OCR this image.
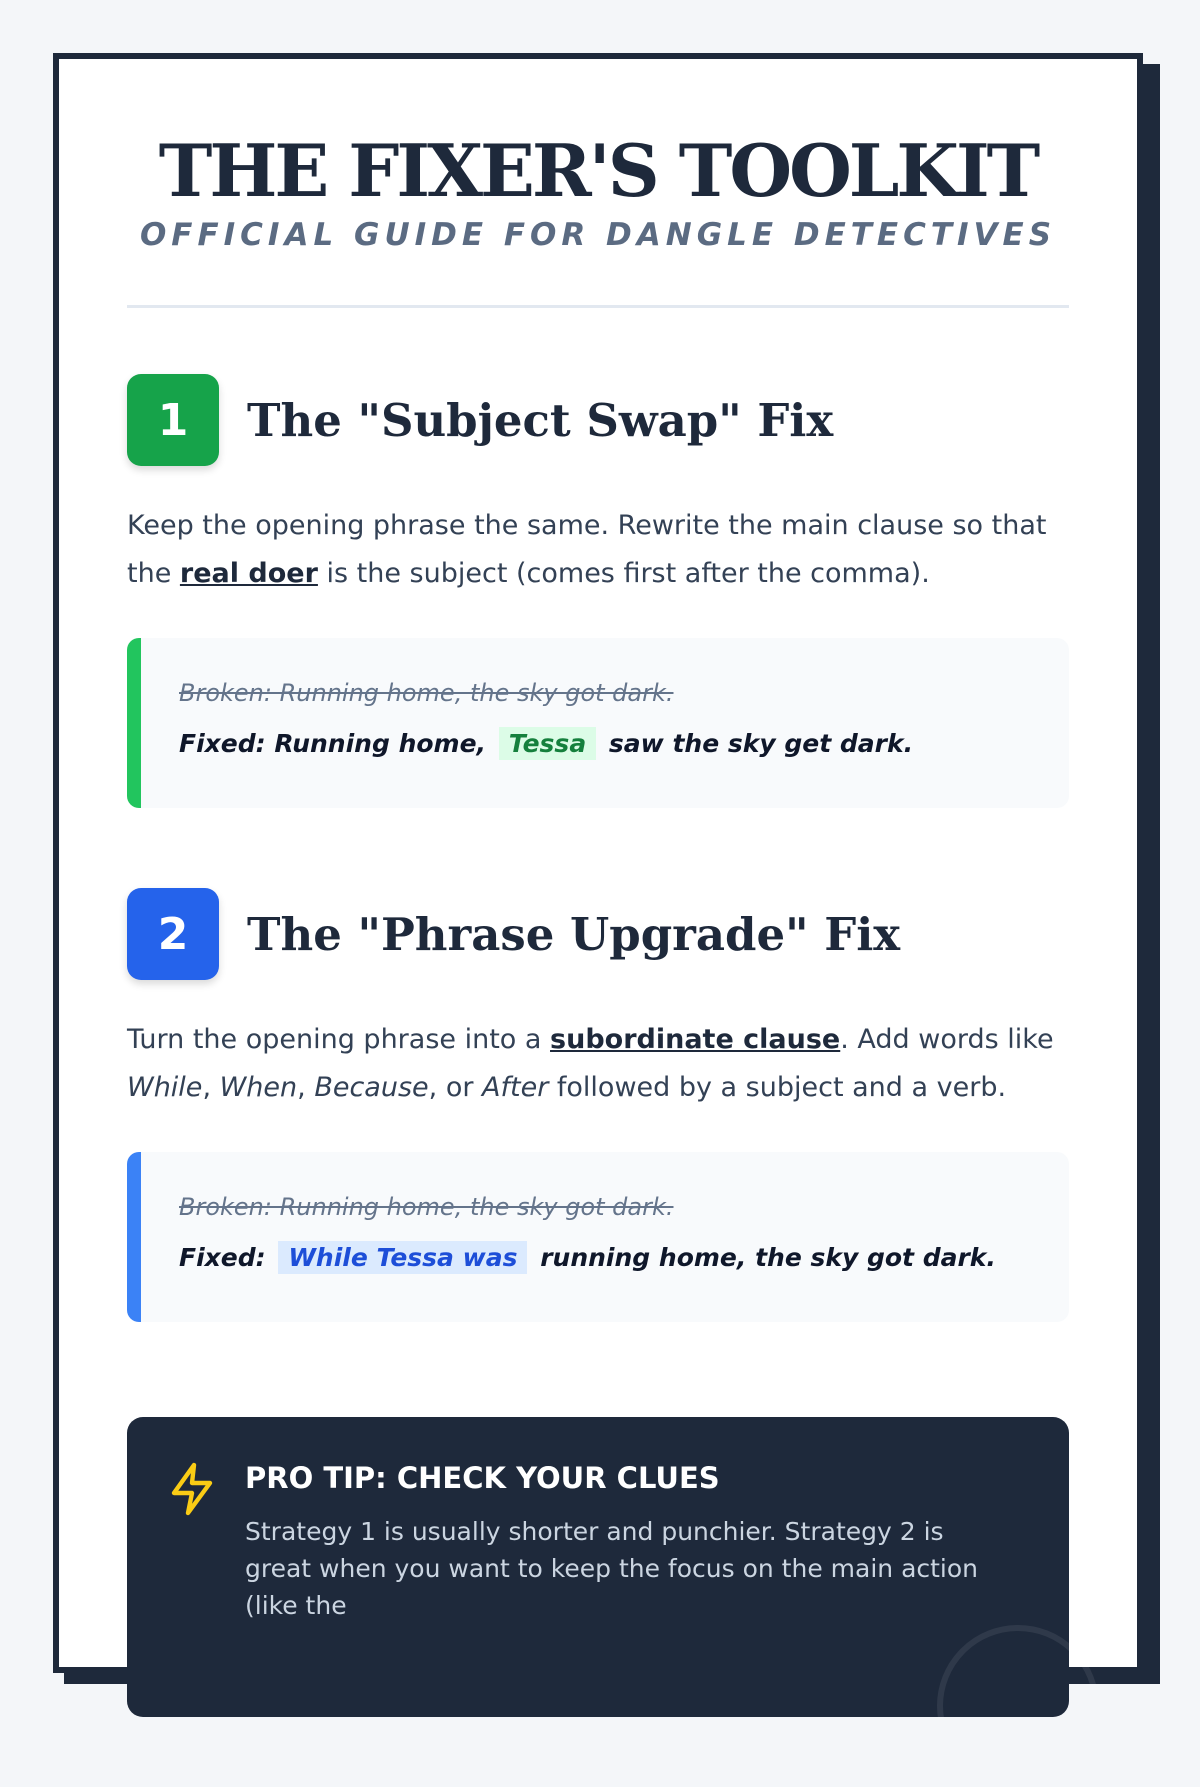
THE FIXER'S TOOLKIT
OFFICIAL GUIDE FOR DANGLE DETECTIVES
1	The "Subject Swap" Fix

Keep the opening phrase the same. Rewrite the main clause so that the real doer is the subject (comes first after the comma).

Broken: Running home, the sky got dark.
Fixed: Running home, Tessa saw the sky get dark.
2	The "Phrase Upgrade" Fix

Turn the opening phrase into a subordinate clause. Add words like While, When, Because, or After followed by a subject and a verb.

Broken: Running home, the sky got dark.
Fixed: While Tessa was running home, the sky got dark.
PRO TIP: CHECK YOUR CLUES
Strategy 1 is usually shorter and punchier. Strategy 2 is great when you want to keep the focus on the main action (like the
